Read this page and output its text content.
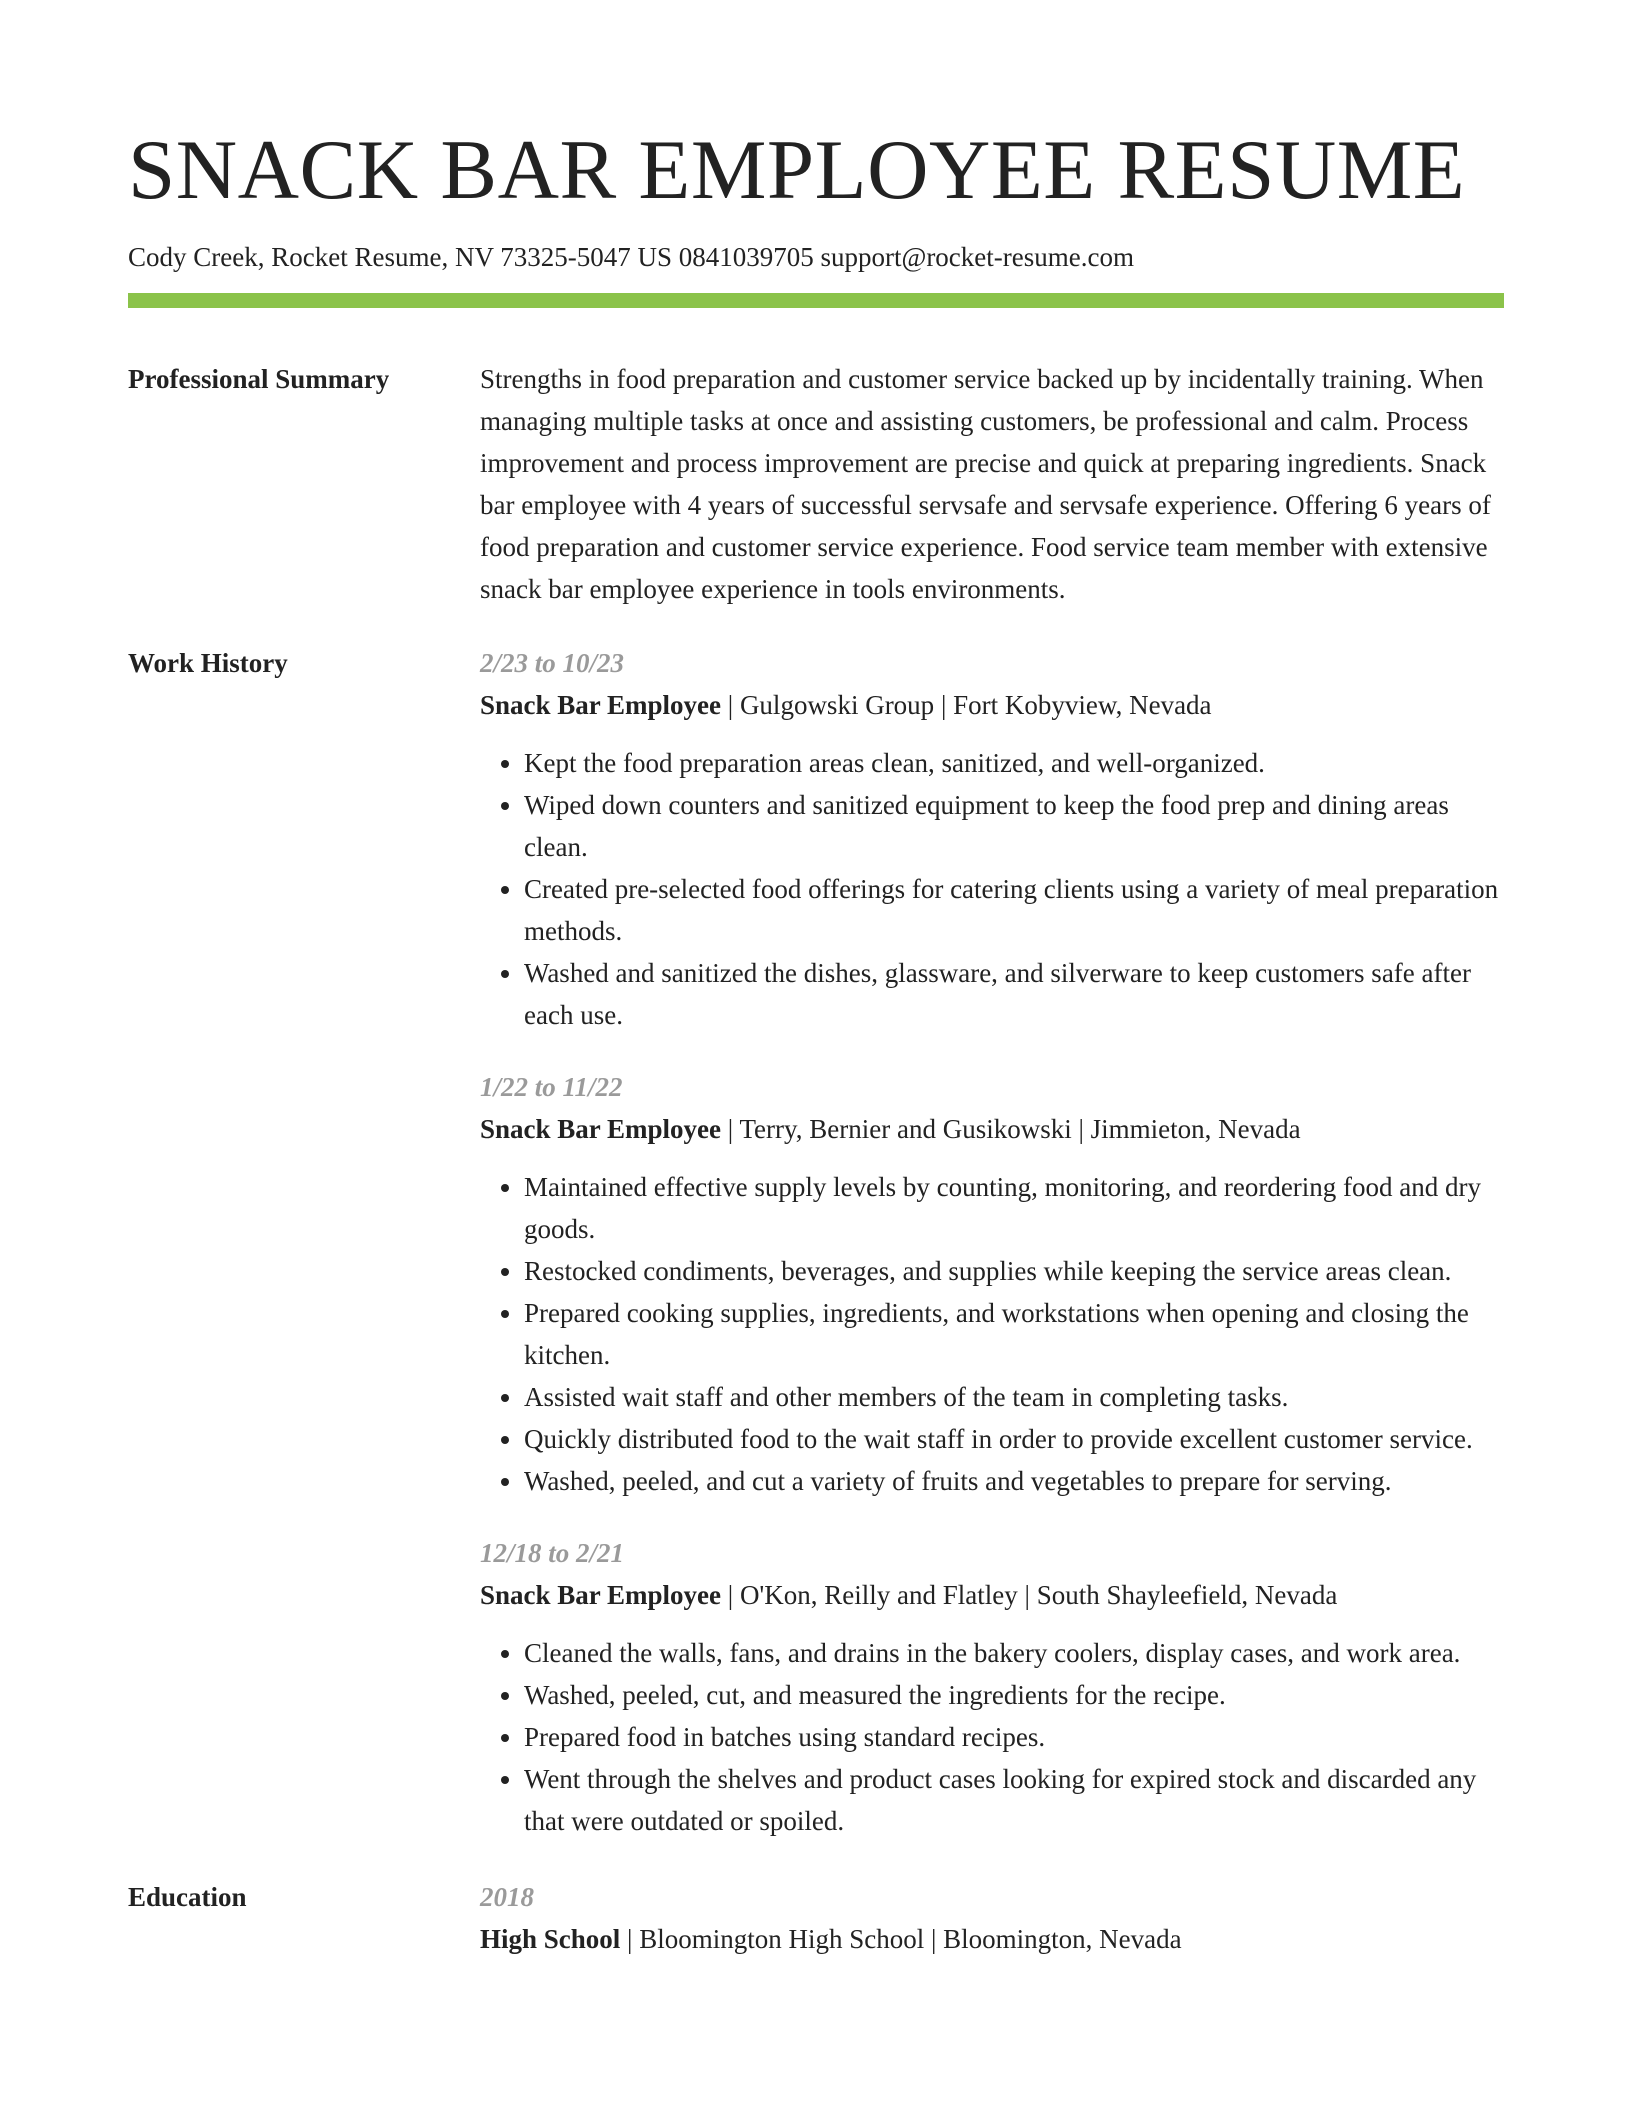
SNACK BAR EMPLOYEE RESUME
Cody Creek, Rocket Resume, NV 73325-5047 US 0841039705 support@rocket-resume.com
Professional Summary	Strengths in food preparation and customer service backed up by incidentally training. When managing multiple tasks at once and assisting customers, be professional and calm. Process improvement and process improvement are precise and quick at preparing ingredients. Snack bar employee with 4 years of successful servsafe and servsafe experience. Offering 6 years of food preparation and customer service experience. Food service team member with extensive snack bar employee experience in tools environments.

Work History	2/23 to 10/23
Snack Bar Employee | Gulgowski Group | Fort Kobyview, Nevada
• Kept the food preparation areas clean, sanitized, and well-organized.
• Wiped down counters and sanitized equipment to keep the food prep and dining areas clean.
• Created pre-selected food offerings for catering clients using a variety of meal preparation methods.
• Washed and sanitized the dishes, glassware, and silverware to keep customers safe after each use.
1/22 to 11/22
Snack Bar Employee | Terry, Bernier and Gusikowski | Jimmieton, Nevada
• Maintained effective supply levels by counting, monitoring, and reordering food and dry goods.
• Restocked condiments, beverages, and supplies while keeping the service areas clean.
• Prepared cooking supplies, ingredients, and workstations when opening and closing the kitchen.
• Assisted wait staff and other members of the team in completing tasks.
• Quickly distributed food to the wait staff in order to provide excellent customer service.
• Washed, peeled, and cut a variety of fruits and vegetables to prepare for serving.
12/18 to 2/21
Snack Bar Employee | O'Kon, Reilly and Flatley | South Shayleefield, Nevada
• Cleaned the walls, fans, and drains in the bakery coolers, display cases, and work area.
• Washed, peeled, cut, and measured the ingredients for the recipe.
• Prepared food in batches using standard recipes.
• Went through the shelves and product cases looking for expired stock and discarded any that were outdated or spoiled.
Education	2018
High School | Bloomington High School | Bloomington, Nevada
